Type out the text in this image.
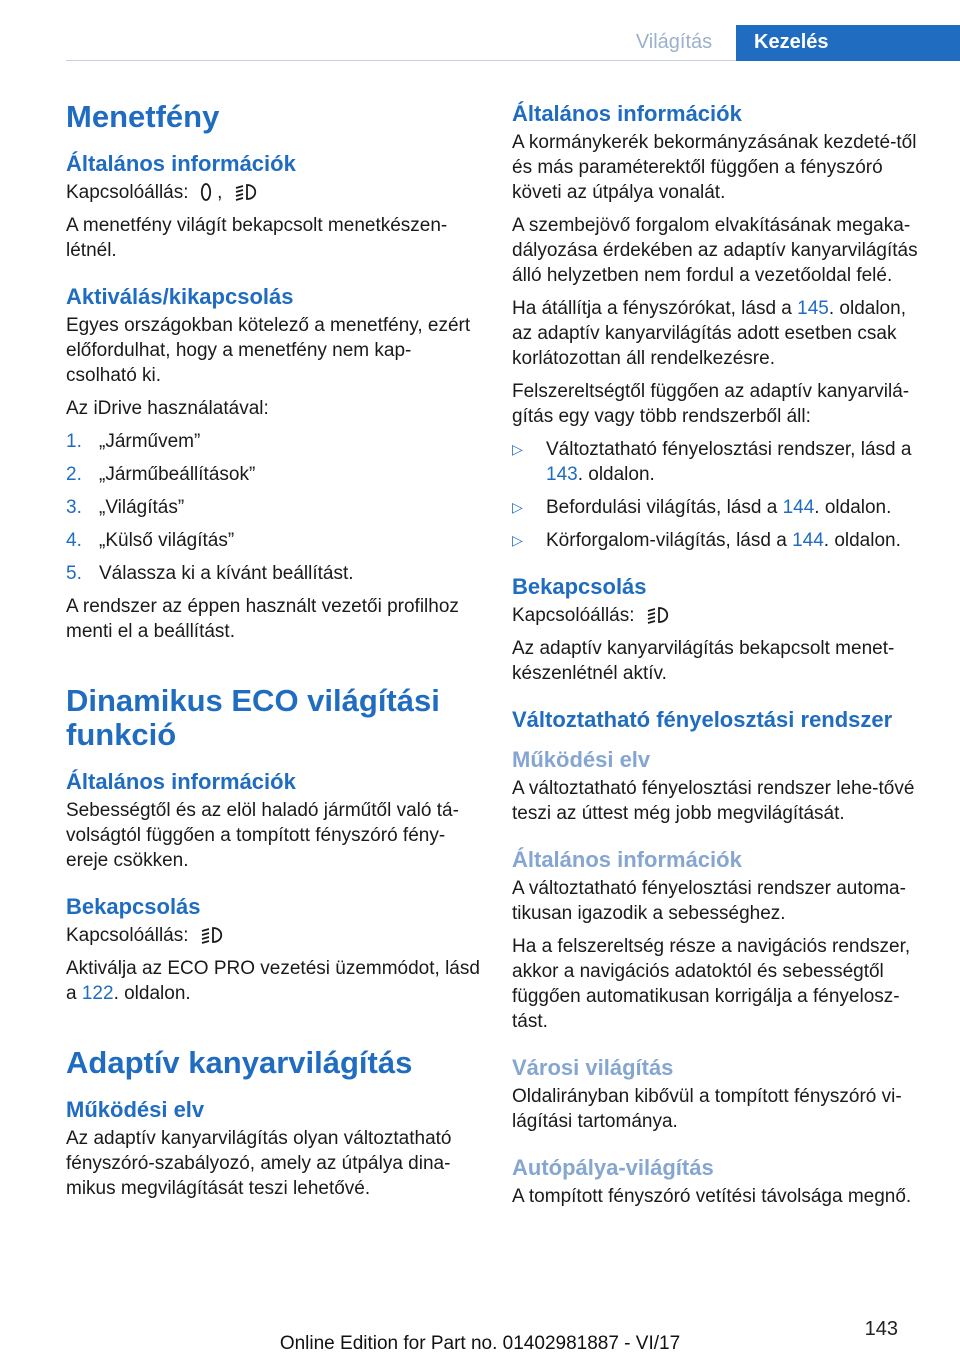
Világítás	Kezelés
Menetfény
Általános információk

Kapcsolóállás: ,

A menetfény világít bekapcsolt menetkészen‐létnél.

Aktiválás/kikapcsolás

Egyes országokban kötelező a menetfény, ezért előfordulhat, hogy a menetfény nem kap‐csolható ki.

Az iDrive használatával:

1. „Járművem”
2. „Járműbeállítások”
3. „Világítás”
4. „Külső világítás”
5. Válassza ki a kívánt beállítást.

A rendszer az éppen használt vezetői profilhoz menti el a beállítást.

Dinamikus ECO világítási funkció
Általános információk

Sebességtől és az elöl haladó járműtől való tá‐volságtól függően a tompított fényszóró fény‐ereje csökken.

Bekapcsolás

Kapcsolóállás:

Aktiválja az ECO PRO vezetési üzemmódot, lásd a 122. oldalon.

Adaptív kanyarvilágítás
Működési elv

Az adaptív kanyarvilágítás olyan változtatható fényszóró-szabályozó, amely az útpálya dina‐mikus megvilágítását teszi lehetővé.

Általános információk

A kormánykerék bekormányzásának kezdeté‐től és más paraméterektől függően a fényszóró követi az útpálya vonalát.

A szembejövő forgalom elvakításának megaka‐dályozása érdekében az adaptív kanyarvilágítás álló helyzetben nem fordul a vezetőoldal felé.

Ha átállítja a fényszórókat, lásd a 145. oldalon, az adaptív kanyarvilágítás adott esetben csak korlátozottan áll rendelkezésre.

Felszereltségtől függően az adaptív kanyarvilá‐gítás egy vagy több rendszerből áll:

▷ Változtatható fényelosztási rendszer, lásd a 143. oldalon.
▷ Befordulási világítás, lásd a 144. oldalon.
▷ Körforgalom-világítás, lásd a 144. oldalon.
Bekapcsolás

Kapcsolóállás:

Az adaptív kanyarvilágítás bekapcsolt menet‐készenlétnél aktív.

Változtatható fényelosztási rendszer
Működési elv

A változtatható fényelosztási rendszer lehe‐tővé teszi az úttest még jobb megvilágítását.

Általános információk

A változtatható fényelosztási rendszer automa‐tikusan igazodik a sebességhez.

Ha a felszereltség része a navigációs rendszer, akkor a navigációs adatoktól és sebességtől függően automatikusan korrigálja a fényelosz‐tást.

Városi világítás

Oldalirányban kibővül a tompított fényszóró vi‐lágítási tartománya.

Autópálya-világítás

A tompított fényszóró vetítési távolsága megnő.

143
Online Edition for Part no. 01402981887 - VI/17
